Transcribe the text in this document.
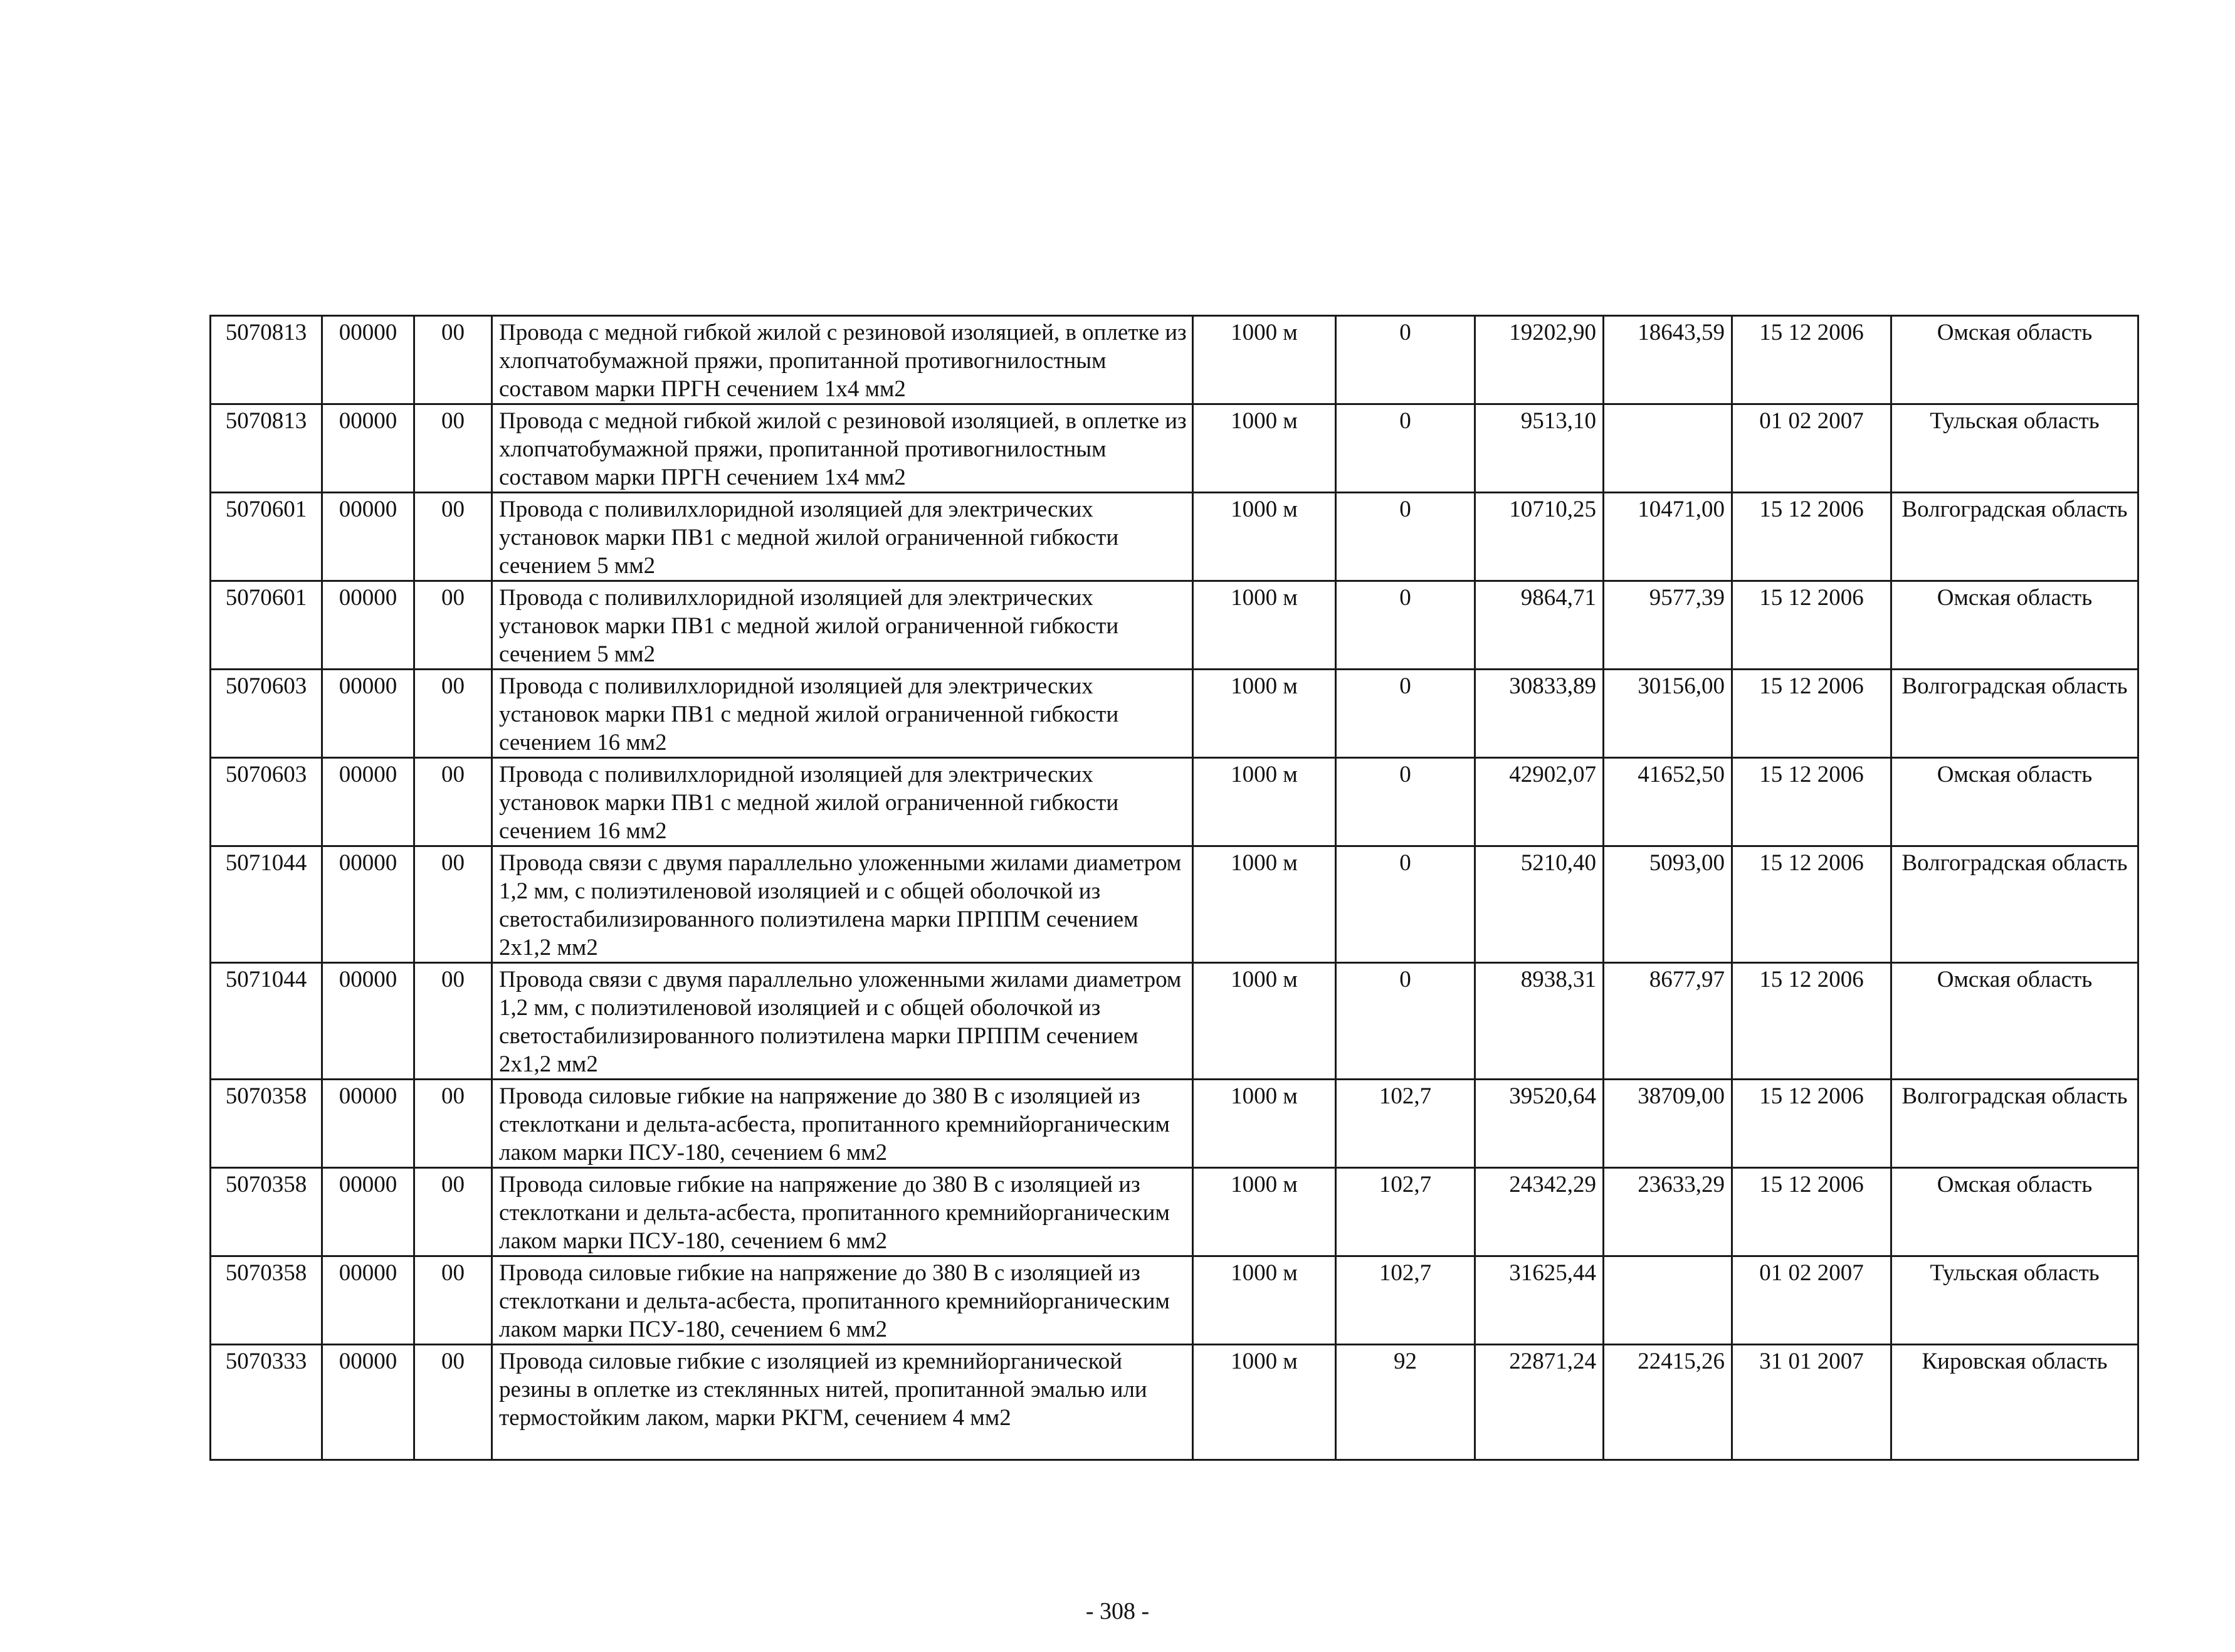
5070813	00000	00	Провода с медной гибкой жилой с резиновой изоляцией, в оплетке из хлопчатобумажной пряжи, пропитанной противогнилостным составом марки ПРГН сечением 1х4 мм2	1000 м	0	19202,90	18643,59	15 12 2006	Омская область
5070813	00000	00	Провода с медной гибкой жилой с резиновой изоляцией, в оплетке из хлопчатобумажной пряжи, пропитанной противогнилостным составом марки ПРГН сечением 1х4 мм2	1000 м	0	9513,10		01 02 2007	Тульская область
5070601	00000	00	Провода с поливилхлоридной изоляцией для электрических установок марки ПВ1 с медной жилой ограниченной гибкости сечением 5 мм2	1000 м	0	10710,25	10471,00	15 12 2006	Волгоградская область
5070601	00000	00	Провода с поливилхлоридной изоляцией для электрических установок марки ПВ1 с медной жилой ограниченной гибкости сечением 5 мм2	1000 м	0	9864,71	9577,39	15 12 2006	Омская область
5070603	00000	00	Провода с поливилхлоридной изоляцией для электрических установок марки ПВ1 с медной жилой ограниченной гибкости сечением 16 мм2	1000 м	0	30833,89	30156,00	15 12 2006	Волгоградская область
5070603	00000	00	Провода с поливилхлоридной изоляцией для электрических установок марки ПВ1 с медной жилой ограниченной гибкости сечением 16 мм2	1000 м	0	42902,07	41652,50	15 12 2006	Омская область
5071044	00000	00	Провода связи с двумя параллельно уложенными жилами диаметром 1,2 мм, с полиэтиленовой изоляцией и с общей оболочкой из светостабилизированного полиэтилена марки ПРППМ сечением 2х1,2 мм2	1000 м	0	5210,40	5093,00	15 12 2006	Волгоградская область
5071044	00000	00	Провода связи с двумя параллельно уложенными жилами диаметром 1,2 мм, с полиэтиленовой изоляцией и с общей оболочкой из светостабилизированного полиэтилена марки ПРППМ сечением 2х1,2 мм2	1000 м	0	8938,31	8677,97	15 12 2006	Омская область
5070358	00000	00	Провода силовые гибкие на напряжение до 380 В с изоляцией из стеклоткани и дельта-асбеста, пропитанного кремнийорганическим лаком марки ПСУ-180, сечением 6 мм2	1000 м	102,7	39520,64	38709,00	15 12 2006	Волгоградская область
5070358	00000	00	Провода силовые гибкие на напряжение до 380 В с изоляцией из стеклоткани и дельта-асбеста, пропитанного кремнийорганическим лаком марки ПСУ-180, сечением 6 мм2	1000 м	102,7	24342,29	23633,29	15 12 2006	Омская область
5070358	00000	00	Провода силовые гибкие на напряжение до 380 В с изоляцией из стеклоткани и дельта-асбеста, пропитанного кремнийорганическим лаком марки ПСУ-180, сечением 6 мм2	1000 м	102,7	31625,44		01 02 2007	Тульская область
5070333	00000	00	Провода силовые гибкие с изоляцией из кремнийорганической резины в оплетке из стеклянных нитей, пропитанной эмалью или термостойким лаком, марки РКГМ, сечением 4 мм2	1000 м	92	22871,24	22415,26	31 01 2007	Кировская область
- 308 -
